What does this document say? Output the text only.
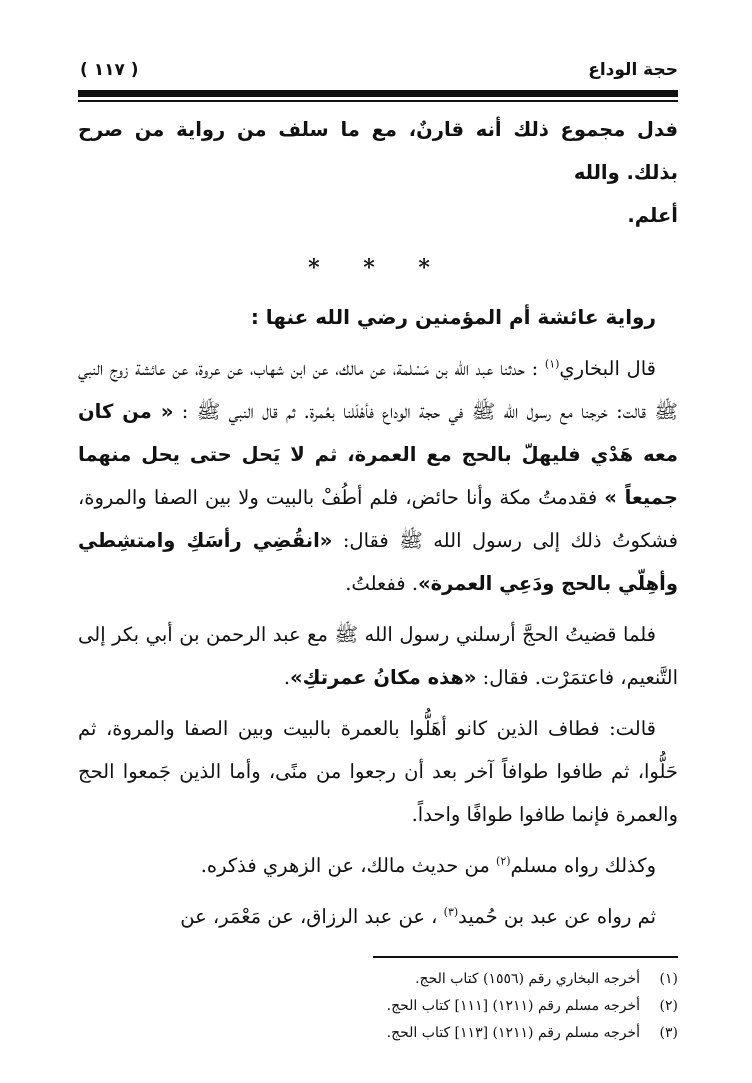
حجة الوداع
( ١١٧ )

فدل مجموع ذلك أنه قارنٌ، مع ما سلف من رواية من صرح بذلك. والله
أعلم.

* * *

رواية عائشة أم المؤمنين رضي الله عنها :

قال البخاري$^{(١)}$ : حدثنا عبد الله بن مَسْلمة، عن مالك، عن ابن شهاب، عن عروة، عن عائشة زوج النبي ﷺ قالت: خرجنا مع رسول الله ﷺ في حجة الوداع فأهْلَلنا بعُمرة. ثم قال النبي ﷺ : « من كان معه هَدْي فليهلّ بالحج مع العمرة، ثم لا يَحل حتى يحل منهما جميعاً » فقدمتُ مكة وأنا حائض، فلم أطُفْ بالبيت ولا بين الصفا والمروة، فشكوتُ ذلك إلى رسول الله ﷺ فقال: «انقُضِي رأسَكِ وامتشِطي وأهِلّي بالحج ودَعِي العمرة». ففعلتُ.

فلما قضيتُ الحجَّ أرسلني رسول الله ﷺ مع عبد الرحمن بن أبي بكر إلى التَّنعيم، فاعتمَرْت. فقال: «هذه مكانُ عمرتكِ».

قالت: فطاف الذين كانو أهَلُّوا بالعمرة بالبيت وبين الصفا والمروة، ثم حَلُّوا، ثم طافوا طوافاً آخر بعد أن رجعوا من منًى، وأما الذين جَمعوا الحج والعمرة فإنما طافوا طوافًا واحداً.

وكذلك رواه مسلم$^{(٢)}$ من حديث مالك، عن الزهري فذكره.

ثم رواه عن عبد بن حُميد$^{(٣)}$ ، عن عبد الرزاق، عن مَعْمَر، عن

(١)
أخرجه البخاري رقم (١٥٥٦) كتاب الحج.
(٢)
أخرجه مسلم رقم (١٢١١) [١١١] كتاب الحج.
(٣)
أخرجه مسلم رقم (١٢١١) [١١٣] كتاب الحج.
